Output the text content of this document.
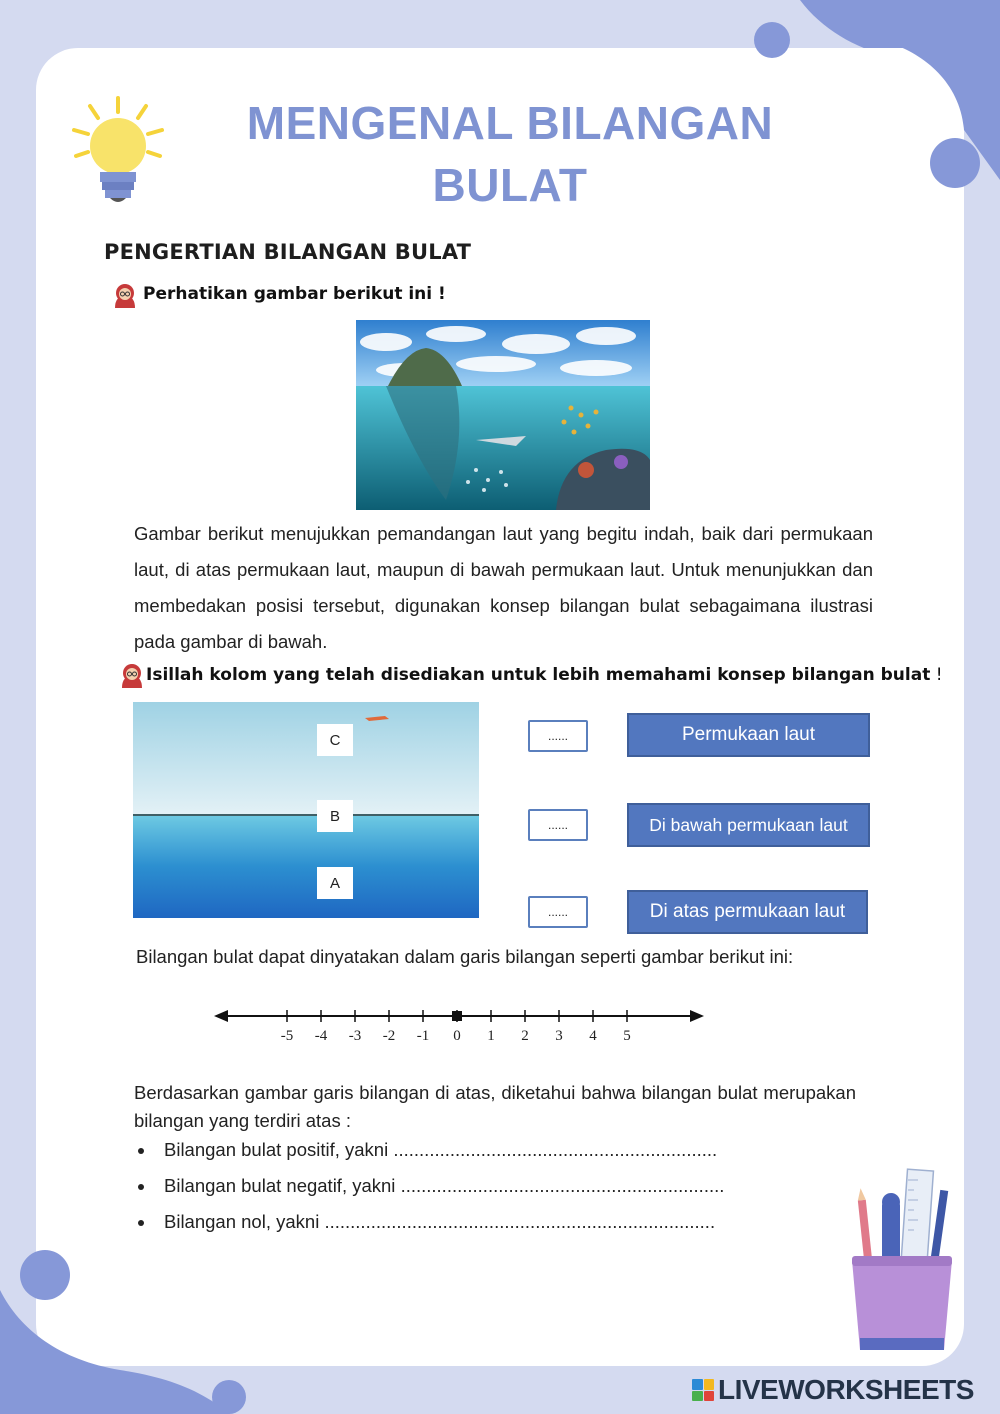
MENGENAL BILANGAN
BULAT
PENGERTIAN BILANGAN BULAT
Perhatikan gambar berikut ini !

Gambar berikut menujukkan pemandangan laut yang begitu indah, baik dari permukaan laut, di atas permukaan laut, maupun di bawah permukaan laut. Untuk menunjukkan dan membedakan posisi tersebut, digunakan konsep bilangan bulat sebagaimana ilustrasi pada gambar di bawah.

Isillah kolom yang telah disediakan untuk lebih memahami konsep bilangan bulat !
C
B
A
......
......
......
Permukaan laut
Di bawah permukaan laut
Di atas permukaan laut

Bilangan bulat dapat dinyatakan dalam garis bilangan seperti gambar berikut ini:

-5 -4 -3 -2 -1 0 1 2 3 4 5

Berdasarkan gambar garis bilangan di atas, diketahui bahwa bilangan bulat merupakan bilangan yang terdiri atas :

Bilangan bulat positif, yakni ...............................................................
Bilangan bulat negatif, yakni ...............................................................
Bilangan nol, yakni ............................................................................
LIVEWORKSHEETS
